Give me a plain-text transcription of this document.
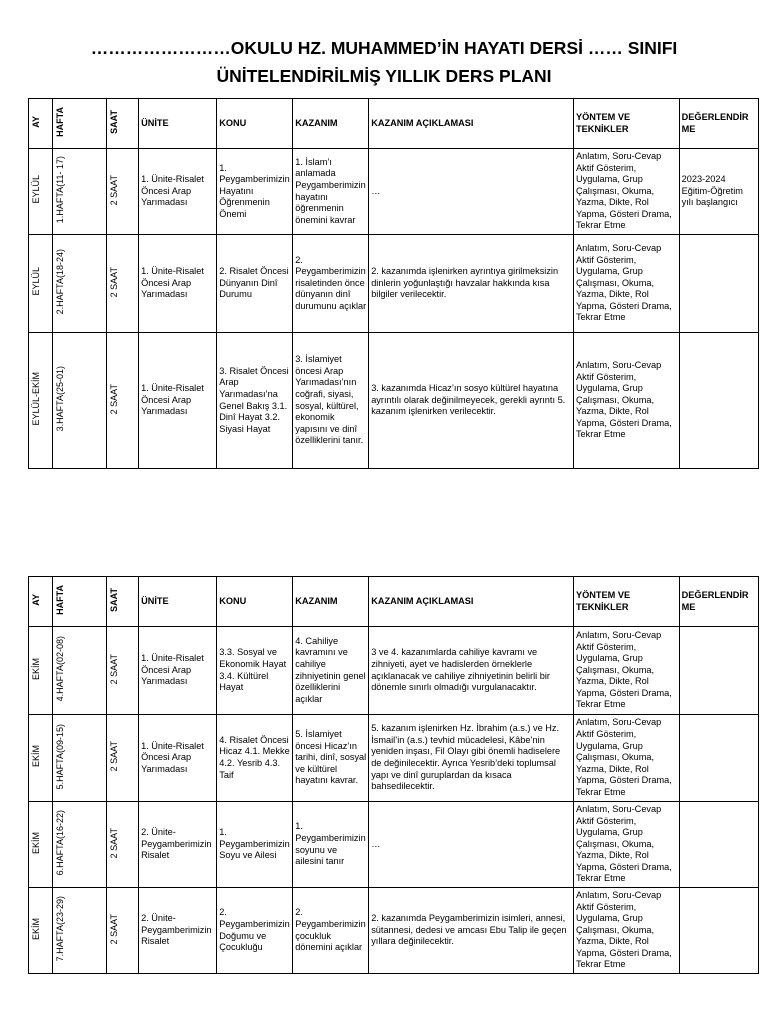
……………………OKULU HZ. MUHAMMED’İN HAYATI DERSİ …… SINIFI
ÜNİTELENDİRİLMİŞ YILLIK DERS PLANI
AY	HAFTA	SAAT	ÜNİTE	KONU	KAZANIM	KAZANIM AÇIKLAMASI	YÖNTEM VE TEKNİKLER	DEĞERLENDİRME
EYLÜL	1.HAFTA(11- 17)	2 SAAT	1. Ünite-Risalet Öncesi Arap Yarımadası	1. Peygamberimizin Hayatını Öğrenmenin Önemi	1. İslam’ı anlamada Peygamberimizin hayatını öğrenmenin önemini kavrar	…	Anlatım, Soru-Cevap Aktif Gösterim, Uygulama, Grup Çalışması, Okuma, Yazma, Dikte, Rol Yapma, Gösteri Drama, Tekrar Etme	2023-2024 Eğitim-Öğretim yılı başlangıcı
EYLÜL	2.HAFTA(18-24)	2 SAAT	1. Ünite-Risalet Öncesi Arap Yarımadası	2. Risalet Öncesi Dünyanın Dinî Durumu	2. Peygamberimizin risaletinden önce dünyanın dinî durumunu açıklar	2. kazanımda işlenirken ayrıntıya girilmeksizin dinlerin yoğunlaştığı havzalar hakkında kısa bilgiler verilecektir.	Anlatım, Soru-Cevap Aktif Gösterim, Uygulama, Grup Çalışması, Okuma, Yazma, Dikte, Rol Yapma, Gösteri Drama, Tekrar Etme	
EYLÜL-EKİM	3.HAFTA(25-01)	2 SAAT	1. Ünite-Risalet Öncesi Arap Yarımadası	3. Risalet Öncesi Arap Yarımadası’na Genel Bakış 3.1. Dinî Hayat 3.2. Siyasi Hayat	3. İslamiyet öncesi Arap Yarımadası’nın coğrafi, siyasi, sosyal, kültürel, ekonomik yapısını ve dinî özelliklerini tanır.	3. kazanımda Hicaz’ın sosyo kültürel hayatına ayrıntılı olarak değinilmeyecek, gerekli ayrıntı 5. kazanım işlenirken verilecektir.	Anlatım, Soru-Cevap Aktif Gösterim, Uygulama, Grup Çalışması, Okuma, Yazma, Dikte, Rol Yapma, Gösteri Drama, Tekrar Etme	
AY	HAFTA	SAAT	ÜNİTE	KONU	KAZANIM	KAZANIM AÇIKLAMASI	YÖNTEM VE TEKNİKLER	DEĞERLENDİRME
EKİM	4.HAFTA(02-08)	2 SAAT	1. Ünite-Risalet Öncesi Arap Yarımadası	3.3. Sosyal ve Ekonomik Hayat 3.4. Kültürel Hayat	4. Cahiliye kavramını ve cahiliye zihniyetinin genel özelliklerini açıklar	3 ve 4. kazanımlarda cahiliye kavramı ve zihniyeti, ayet ve hadislerden örneklerle açıklanacak ve cahiliye zihniyetinin belirli bir dönemle sınırlı olmadığı vurgulanacaktır.	Anlatım, Soru-Cevap Aktif Gösterim, Uygulama, Grup Çalışması, Okuma, Yazma, Dikte, Rol Yapma, Gösteri Drama, Tekrar Etme	
EKİM	5.HAFTA(09-15)	2 SAAT	1. Ünite-Risalet Öncesi Arap Yarımadası	4. Risalet Öncesi Hicaz 4.1. Mekke 4.2. Yesrib 4.3. Taif	5. İslamiyet öncesi Hicaz’ın tarihi, dinî, sosyal ve kültürel hayatını kavrar.	5. kazanım işlenirken Hz. İbrahim (a.s.) ve Hz. İsmail’in (a.s.) tevhid mücadelesi, Kâbe’nin yeniden inşası, Fil Olayı gibi önemli hadiselere de değinilecektir. Ayrıca Yesrib’deki toplumsal yapı ve dinî guruplardan da kısaca bahsedilecektir.	Anlatım, Soru-Cevap Aktif Gösterim, Uygulama, Grup Çalışması, Okuma, Yazma, Dikte, Rol Yapma, Gösteri Drama, Tekrar Etme	
EKİM	6.HAFTA(16-22)	2 SAAT	2. Ünite-Peygamberimizin Risalet	1. Peygamberimizin Soyu ve Ailesi	1. Peygamberimizin soyunu ve ailesini tanır	…	Anlatım, Soru-Cevap Aktif Gösterim, Uygulama, Grup Çalışması, Okuma, Yazma, Dikte, Rol Yapma, Gösteri Drama, Tekrar Etme	
EKİM	7.HAFTA(23-29)	2 SAAT	2. Ünite-Peygamberimizin Risalet	2. Peygamberimizin Doğumu ve Çocukluğu	2. Peygamberimizin çocukluk dönemini açıklar	2. kazanımda Peygamberimizin isimleri, annesi, sütannesi, dedesi ve amcası Ebu Talip ile geçen yıllara değinilecektir.	Anlatım, Soru-Cevap Aktif Gösterim, Uygulama, Grup Çalışması, Okuma, Yazma, Dikte, Rol Yapma, Gösteri Drama, Tekrar Etme	
